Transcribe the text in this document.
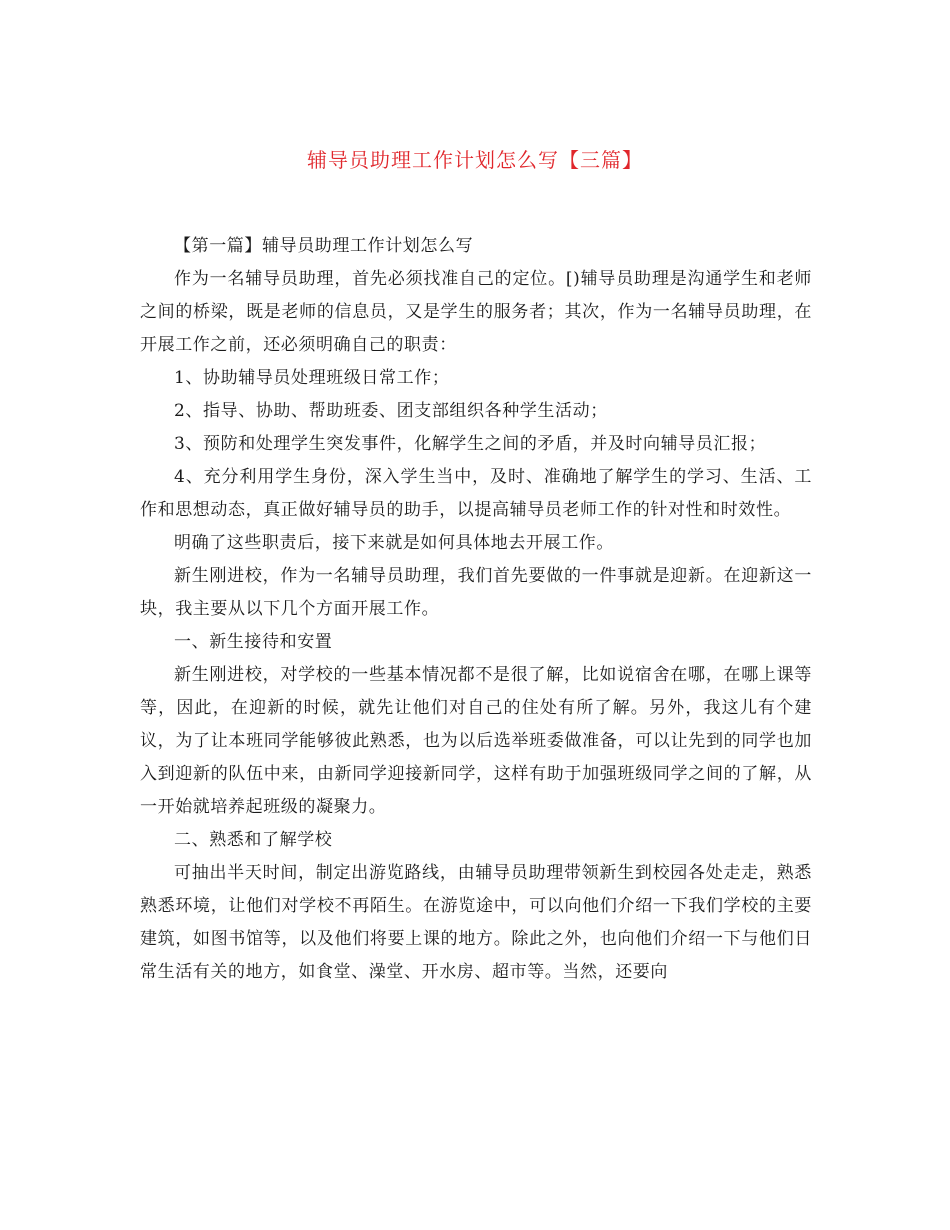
辅导员助理工作计划怎么写【三篇】

【第一篇】辅导员助理工作计划怎么写

作为一名辅导员助理，首先必须找准自己的定位。[)辅导员助理是沟通学生和老师之间的桥梁，既是老师的信息员，又是学生的服务者；其次，作为一名辅导员助理，在开展工作之前，还必须明确自己的职责：

1、协助辅导员处理班级日常工作；

2、指导、协助、帮助班委、团支部组织各种学生活动；

3、预防和处理学生突发事件，化解学生之间的矛盾，并及时向辅导员汇报；

4、充分利用学生身份，深入学生当中，及时、准确地了解学生的学习、生活、工作和思想动态，真正做好辅导员的助手，以提高辅导员老师工作的针对性和时效性。

明确了这些职责后，接下来就是如何具体地去开展工作。

新生刚进校，作为一名辅导员助理，我们首先要做的一件事就是迎新。在迎新这一块，我主要从以下几个方面开展工作。

一、新生接待和安置

新生刚进校，对学校的一些基本情况都不是很了解，比如说宿舍在哪，在哪上课等等，因此，在迎新的时候，就先让他们对自己的住处有所了解。另外，我这儿有个建议，为了让本班同学能够彼此熟悉，也为以后选举班委做准备，可以让先到的同学也加入到迎新的队伍中来，由新同学迎接新同学，这样有助于加强班级同学之间的了解，从一开始就培养起班级的凝聚力。

二、熟悉和了解学校

可抽出半天时间，制定出游览路线，由辅导员助理带领新生到校园各处走走，熟悉熟悉环境，让他们对学校不再陌生。在游览途中，可以向他们介绍一下我们学校的主要建筑，如图书馆等，以及他们将要上课的地方。除此之外，也向他们介绍一下与他们日常生活有关的地方，如食堂、澡堂、开水房、超市等。当然，还要向
